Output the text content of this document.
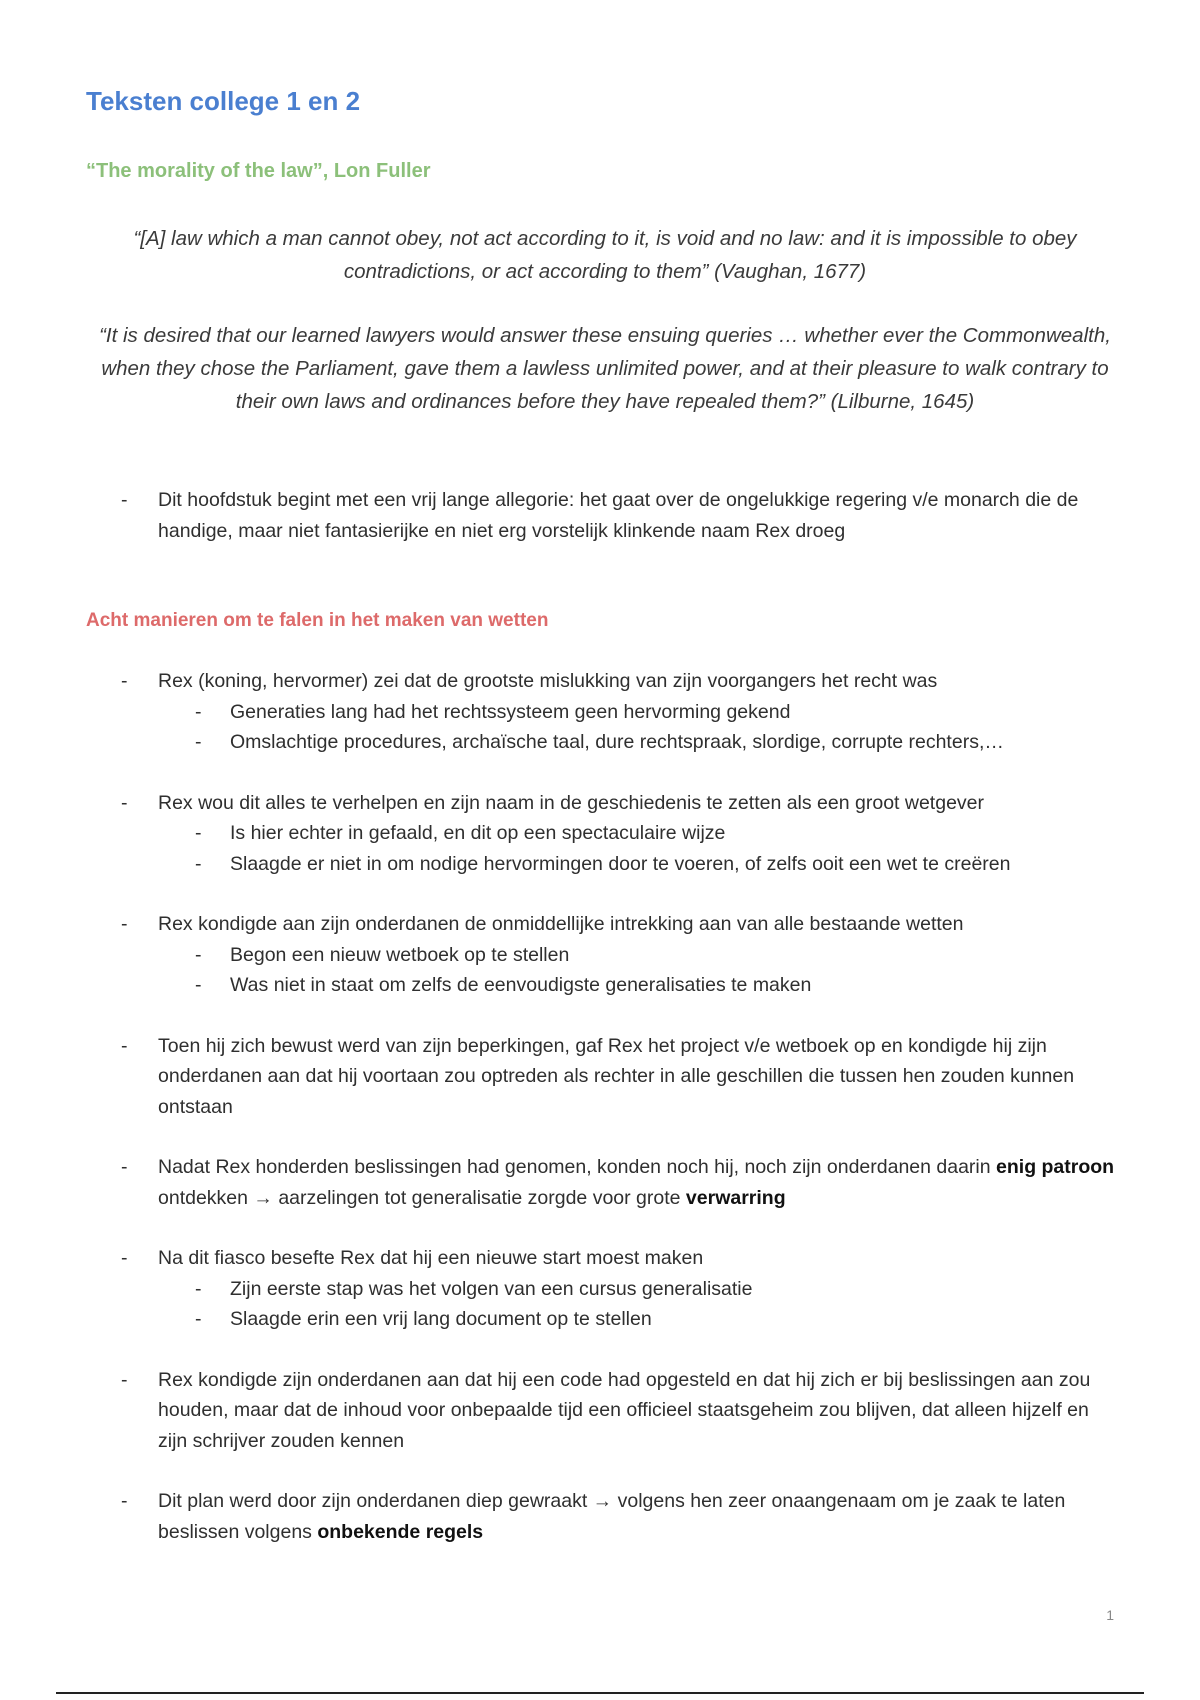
Teksten college 1 en 2
“The morality of the law”, Lon Fuller

“[A] law which a man cannot obey, not act according to it, is void and no law: and it is impossible to obey contradictions, or act according to them” (Vaughan, 1677)

“It is desired that our learned lawyers would answer these ensuing queries … whether ever the Commonwealth, when they chose the Parliament, gave them a lawless unlimited power, and at their pleasure to walk contrary to their own laws and ordinances before they have repealed them?” (Lilburne, 1645)

- Dit hoofdstuk begint met een vrij lange allegorie: het gaat over de ongelukkige regering v/e monarch die de handige, maar niet fantasierijke en niet erg vorstelijk klinkende naam Rex droeg
Acht manieren om te falen in het maken van wetten
- Rex (koning, hervormer) zei dat de grootste mislukking van zijn voorgangers het recht was
- Generaties lang had het rechtssysteem geen hervorming gekend
- Omslachtige procedures, archaïsche taal, dure rechtspraak, slordige, corrupte rechters,…
- Rex wou dit alles te verhelpen en zijn naam in de geschiedenis te zetten als een groot wetgever
- Is hier echter in gefaald, en dit op een spectaculaire wijze
- Slaagde er niet in om nodige hervormingen door te voeren, of zelfs ooit een wet te creëren
- Rex kondigde aan zijn onderdanen de onmiddellijke intrekking aan van alle bestaande wetten
- Begon een nieuw wetboek op te stellen
- Was niet in staat om zelfs de eenvoudigste generalisaties te maken
- Toen hij zich bewust werd van zijn beperkingen, gaf Rex het project v/e wetboek op en kondigde hij zijn onderdanen aan dat hij voortaan zou optreden als rechter in alle geschillen die tussen hen zouden kunnen ontstaan
- Nadat Rex honderden beslissingen had genomen, konden noch hij, noch zijn onderdanen daarin enig patroon ontdekken → aarzelingen tot generalisatie zorgde voor grote verwarring
- Na dit fiasco besefte Rex dat hij een nieuwe start moest maken
- Zijn eerste stap was het volgen van een cursus generalisatie
- Slaagde erin een vrij lang document op te stellen
- Rex kondigde zijn onderdanen aan dat hij een code had opgesteld en dat hij zich er bij beslissingen aan zou houden, maar dat de inhoud voor onbepaalde tijd een officieel staatsgeheim zou blijven, dat alleen hijzelf en zijn schrijver zouden kennen
- Dit plan werd door zijn onderdanen diep gewraakt → volgens hen zeer onaangenaam om je zaak te laten beslissen volgens onbekende regels
1
